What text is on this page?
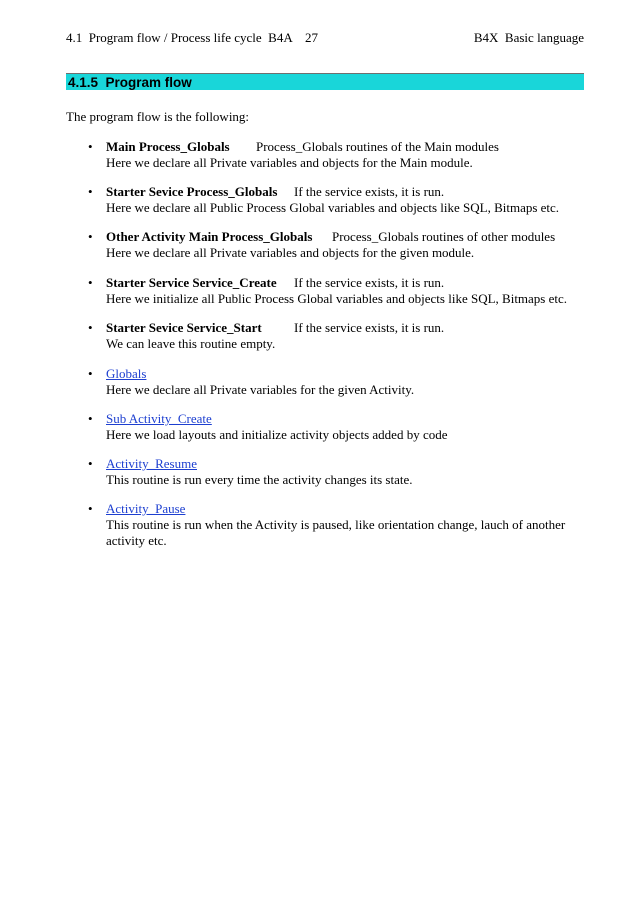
4.1  Program flow / Process life cycle  B4A    27	B4X  Basic language
4.1.5  Program flow
The program flow is the following:
• Main Process_Globals Process_Globals routines of the Main modules
Here we declare all Private variables and objects for the Main module.
• Starter Sevice Process_Globals If the service exists, it is run.
Here we declare all Public Process Global variables and objects like SQL, Bitmaps etc.
• Other Activity Main Process_Globals Process_Globals routines of other modules
Here we declare all Private variables and objects for the given module.
• Starter Service Service_Create If the service exists, it is run.
Here we initialize all Public Process Global variables and objects like SQL, Bitmaps etc.
• Starter Sevice Service_Start If the service exists, it is run.
We can leave this routine empty.
• Globals
Here we declare all Private variables for the given Activity.
• Sub Activity_Create
Here we load layouts and initialize activity objects added by code
• Activity_Resume
This routine is run every time the activity changes its state.
• Activity_Pause
This routine is run when the Activity is paused, like orientation change, lauch of another
activity etc.
